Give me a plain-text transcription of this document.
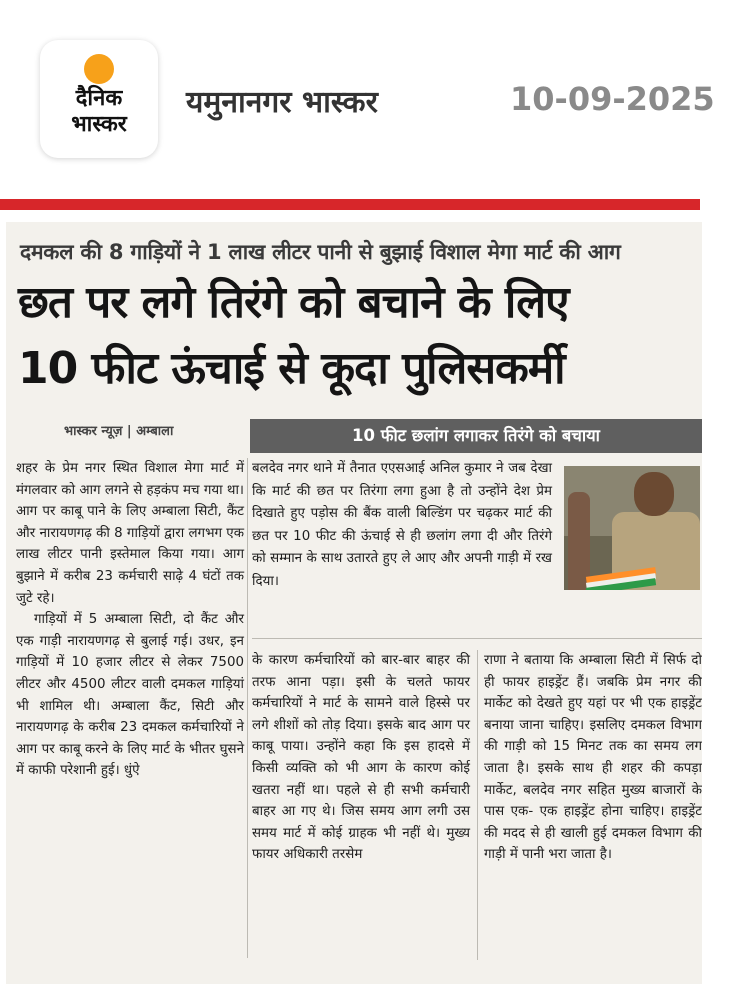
दैनिक
भास्कर
यमुनानगर भास्कर	10-09-2025
दमकल की 8 गाड़ियों ने 1 लाख लीटर पानी से बुझाई विशाल मेगा मार्ट की आग
छत पर लगे तिरंगे को बचाने के लिए
10 फीट ऊंचाई से कूदा पुलिसकर्मी
भास्कर न्यूज़ | अम्बाला

शहर के प्रेम नगर स्थित विशाल मेगा मार्ट में मंगलवार को आग लगने से हड़कंप मच गया था। आग पर काबू पाने के लिए अम्बाला सिटी, कैंट और नारायणगढ़ की 8 गाड़ियों द्वारा लगभग एक लाख लीटर पानी इस्तेमाल किया गया। आग बुझाने में करीब 23 कर्मचारी साढ़े 4 घंटों तक जुटे रहे।

गाड़ियों में 5 अम्बाला सिटी, दो कैंट और एक गाड़ी नारायणगढ़ से बुलाई गई। उधर, इन गाड़ियों में 10 हजार लीटर से लेकर 7500 लीटर और 4500 लीटर वाली दमकल गाड़ियां भी शामिल थी। अम्बाला कैंट, सिटी और नारायणगढ़ के करीब 23 दमकल कर्मचारियों ने आग पर काबू करने के लिए मार्ट के भीतर घुसने में काफी परेशानी हुई। धुंऐ

10 फीट छलांग लगाकर तिरंगे को बचाया
बलदेव नगर थाने में तैनात एएसआई अनिल कुमार ने जब देखा कि मार्ट की छत पर तिरंगा लगा हुआ है तो उन्होंने देश प्रेम दिखाते हुए पड़ोस की बैंक वाली बिल्डिंग पर चढ़कर मार्ट की छत पर 10 फीट की ऊंचाई से ही छलांग लगा दी और तिरंगे को सम्मान के साथ उतारते हुए ले आए और अपनी गाड़ी में रख दिया।
के कारण कर्मचारियों को बार-बार बाहर की तरफ आना पड़ा। इसी के चलते फायर कर्मचारियों ने मार्ट के सामने वाले हिस्से पर लगे शीशों को तोड़ दिया। इसके बाद आग पर काबू पाया। उन्होंने कहा कि इस हादसे में किसी व्यक्ति को भी आग के कारण कोई खतरा नहीं था। पहले से ही सभी कर्मचारी बाहर आ गए थे। जिस समय आग लगी उस समय मार्ट में कोई ग्राहक भी नहीं थे। मुख्य फायर अधिकारी तरसेम
राणा ने बताया कि अम्बाला सिटी में सिर्फ दो ही फायर हाइड्रेंट हैं। जबकि प्रेम नगर की मार्केट को देखते हुए यहां पर भी एक हाइड्रेंट बनाया जाना चाहिए। इसलिए दमकल विभाग की गाड़ी को 15 मिनट तक का समय लग जाता है। इसके साथ ही शहर की कपड़ा मार्केट, बलदेव नगर सहित मुख्य बाजारों के पास एक- एक हाइड्रेंट होना चाहिए। हाइड्रेंट की मदद से ही खाली हुई दमकल विभाग की गाड़ी में पानी भरा जाता है।
